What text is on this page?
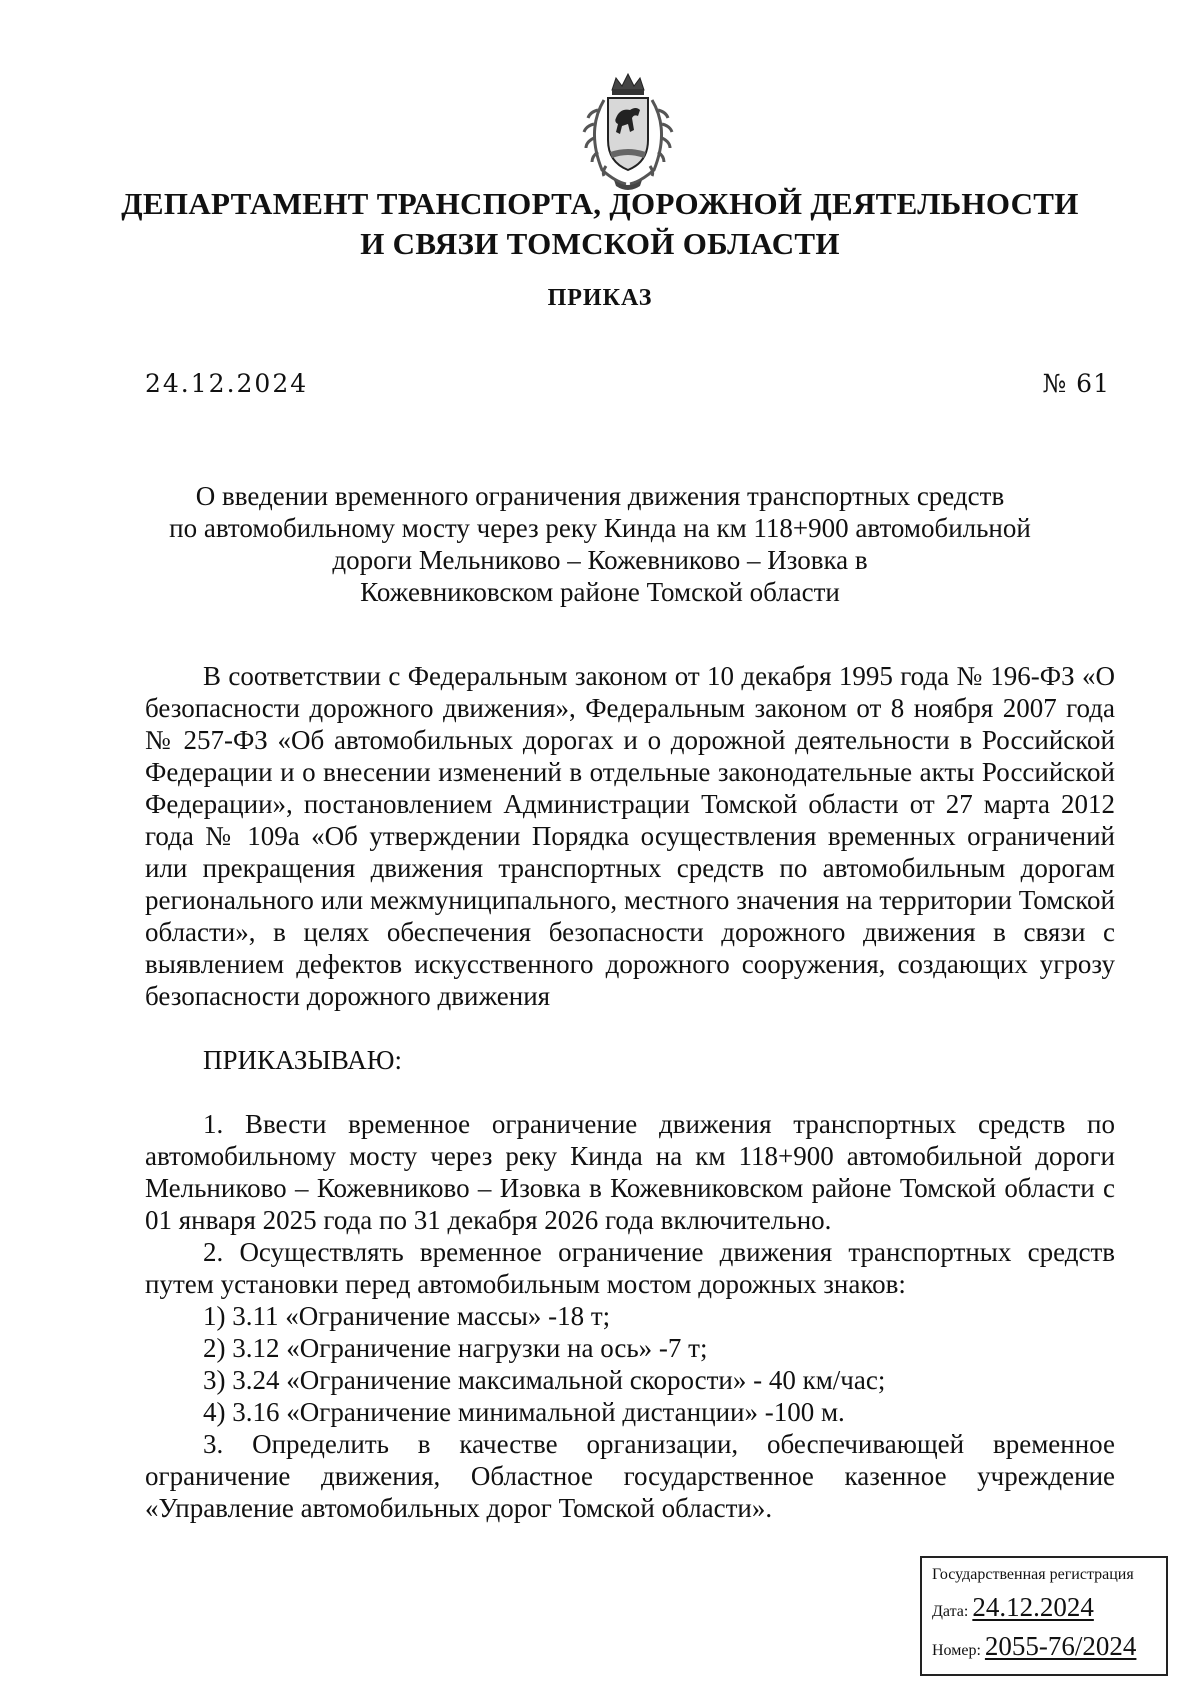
ДЕПАРТАМЕНТ ТРАНСПОРТА, ДОРОЖНОЙ ДЕЯТЕЛЬНОСТИ
И СВЯЗИ ТОМСКОЙ ОБЛАСТИ
ПРИКАЗ
24.12.2024	№ 61
О введении временного ограничения движения транспортных средств
по автомобильному мосту через реку Кинда на км 118+900 автомобильной
дороги Мельниково – Кожевниково – Изовка в
Кожевниковском районе Томской области

В соответствии с Федеральным законом от 10 декабря 1995 года № 196-ФЗ «О безопасности дорожного движения», Федеральным законом от 8 ноября 2007 года № 257-ФЗ «Об автомобильных дорогах и о дорожной деятельности в Российской Федерации и о внесении изменений в отдельные законодательные акты Российской Федерации», постановлением Администрации Томской области от 27 марта 2012 года № 109а «Об утверждении Порядка осуществления временных ограничений или прекращения движения транспортных средств по автомобильным дорогам регионального или межмуниципального, местного значения на территории Томской области», в целях обеспечения безопасности дорожного движения в связи с выявлением дефектов искусственного дорожного сооружения, создающих угрозу безопасности дорожного движения

ПРИКАЗЫВАЮ:

1. Ввести временное ограничение движения транспортных средств по автомобильному мосту через реку Кинда на км 118+900 автомобильной дороги Мельниково – Кожевниково – Изовка в Кожевниковском районе Томской области с 01 января 2025 года по 31 декабря 2026 года включительно.

2. Осуществлять временное ограничение движения транспортных средств путем установки перед автомобильным мостом дорожных знаков:

1) 3.11 «Ограничение массы» -18 т;

2) 3.12 «Ограничение нагрузки на ось» -7 т;

3) 3.24 «Ограничение максимальной скорости» - 40 км/час;

4) 3.16 «Ограничение минимальной дистанции» -100 м.

3. Определить в качестве организации, обеспечивающей временное ограничение движения, Областное государственное казенное учреждение «Управление автомобильных дорог Томской области».

Государственная регистрация
Дата: 24.12.2024
Номер: 2055-76/2024
